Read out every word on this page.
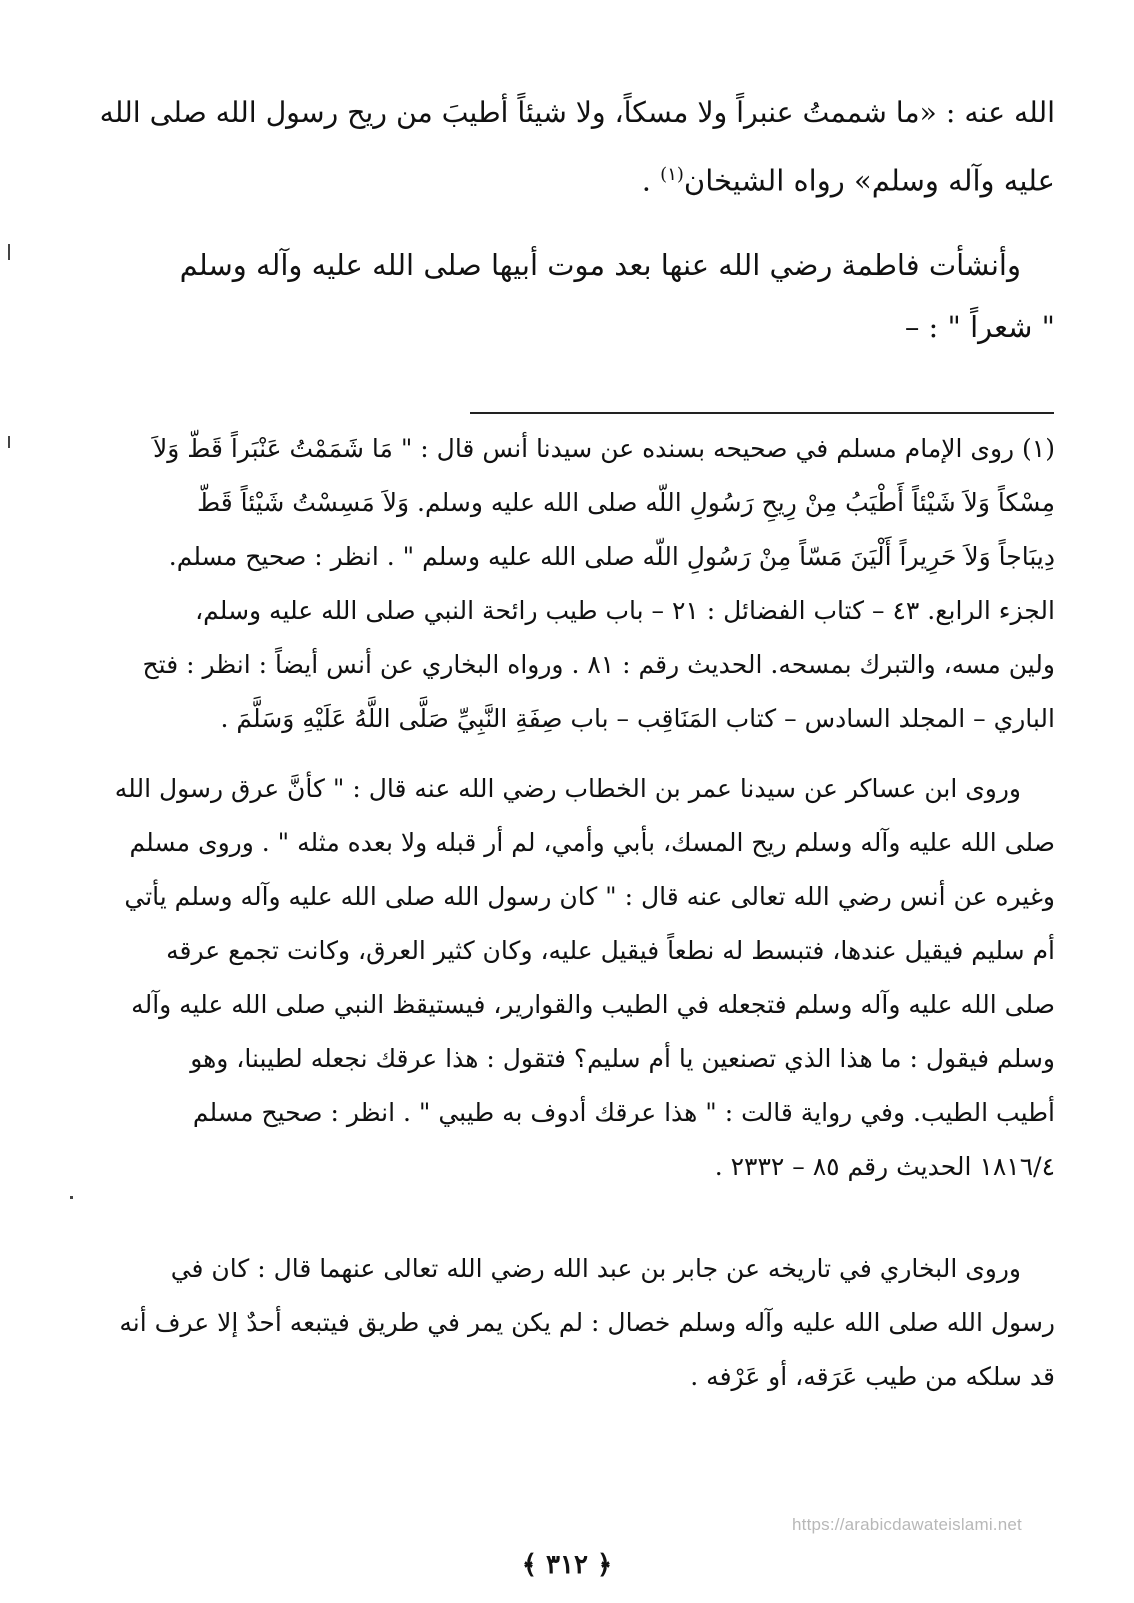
الله عنه : «ما شممتُ عنبراً ولا مسكاً، ولا شيئاً أطيبَ من ريح رسول الله صلى الله
عليه وآله وسلم» رواه الشيخان$^{(١)}$ .
وأنشأت فاطمة رضي الله عنها بعد موت أبيها صلى الله عليه وآله وسلم
" شعراً " : –
(١) روى الإمام مسلم في صحيحه بسنده عن سيدنا أنس قال : " مَا شَمَمْتُ عَنْبَراً قَطّ وَلاَ
مِسْكاً وَلاَ شَيْئاً أَطْيَبُ مِنْ رِيحِ رَسُولِ اللّه صلى الله عليه وسلم. وَلاَ مَسِسْتُ شَيْئاً قَطّ
دِيبَاجاً وَلاَ حَرِيراً أَلْيَنَ مَسّاً مِنْ رَسُولِ اللّه صلى الله عليه وسلم " . انظر : صحيح مسلم.
الجزء الرابع. ٤٣ – كتاب الفضائل : ٢١ – باب طيب رائحة النبي صلى الله عليه وسلم،
ولين مسه، والتبرك بمسحه. الحديث رقم : ٨١ . ورواه البخاري عن أنس أيضاً : انظر : فتح
الباري – المجلد السادس – كتاب المَنَاقِب – باب صِفَةِ النَّبِيِّ صَلَّى اللَّهُ عَلَيْهِ وَسَلَّمَ .
وروى ابن عساكر عن سيدنا عمر بن الخطاب رضي الله عنه قال : " كأنَّ عرق رسول الله
صلى الله عليه وآله وسلم ريح المسك، بأبي وأمي، لم أر قبله ولا بعده مثله " . وروى مسلم
وغيره عن أنس رضي الله تعالى عنه قال : " كان رسول الله صلى الله عليه وآله وسلم يأتي
أم سليم فيقيل عندها، فتبسط له نطعاً فيقيل عليه، وكان كثير العرق، وكانت تجمع عرقه
صلى الله عليه وآله وسلم فتجعله في الطيب والقوارير، فيستيقظ النبي صلى الله عليه وآله
وسلم فيقول : ما هذا الذي تصنعين يا أم سليم؟ فتقول : هذا عرقك نجعله لطيبنا، وهو
أطيب الطيب. وفي رواية قالت : " هذا عرقك أدوف به طيبي " . انظر : صحيح مسلم
١٨١٦/٤ الحديث رقم ٨٥ – ٢٣٣٢ .
وروى البخاري في تاريخه عن جابر بن عبد الله رضي الله تعالى عنهما قال : كان في
رسول الله صلى الله عليه وآله وسلم خصال : لم يكن يمر في طريق فيتبعه أحدٌ إلا عرف أنه
قد سلكه من طيب عَرَقه، أو عَرْفه .
https://arabicdawateislami.net
﴿ ٣١٢ ﴾
